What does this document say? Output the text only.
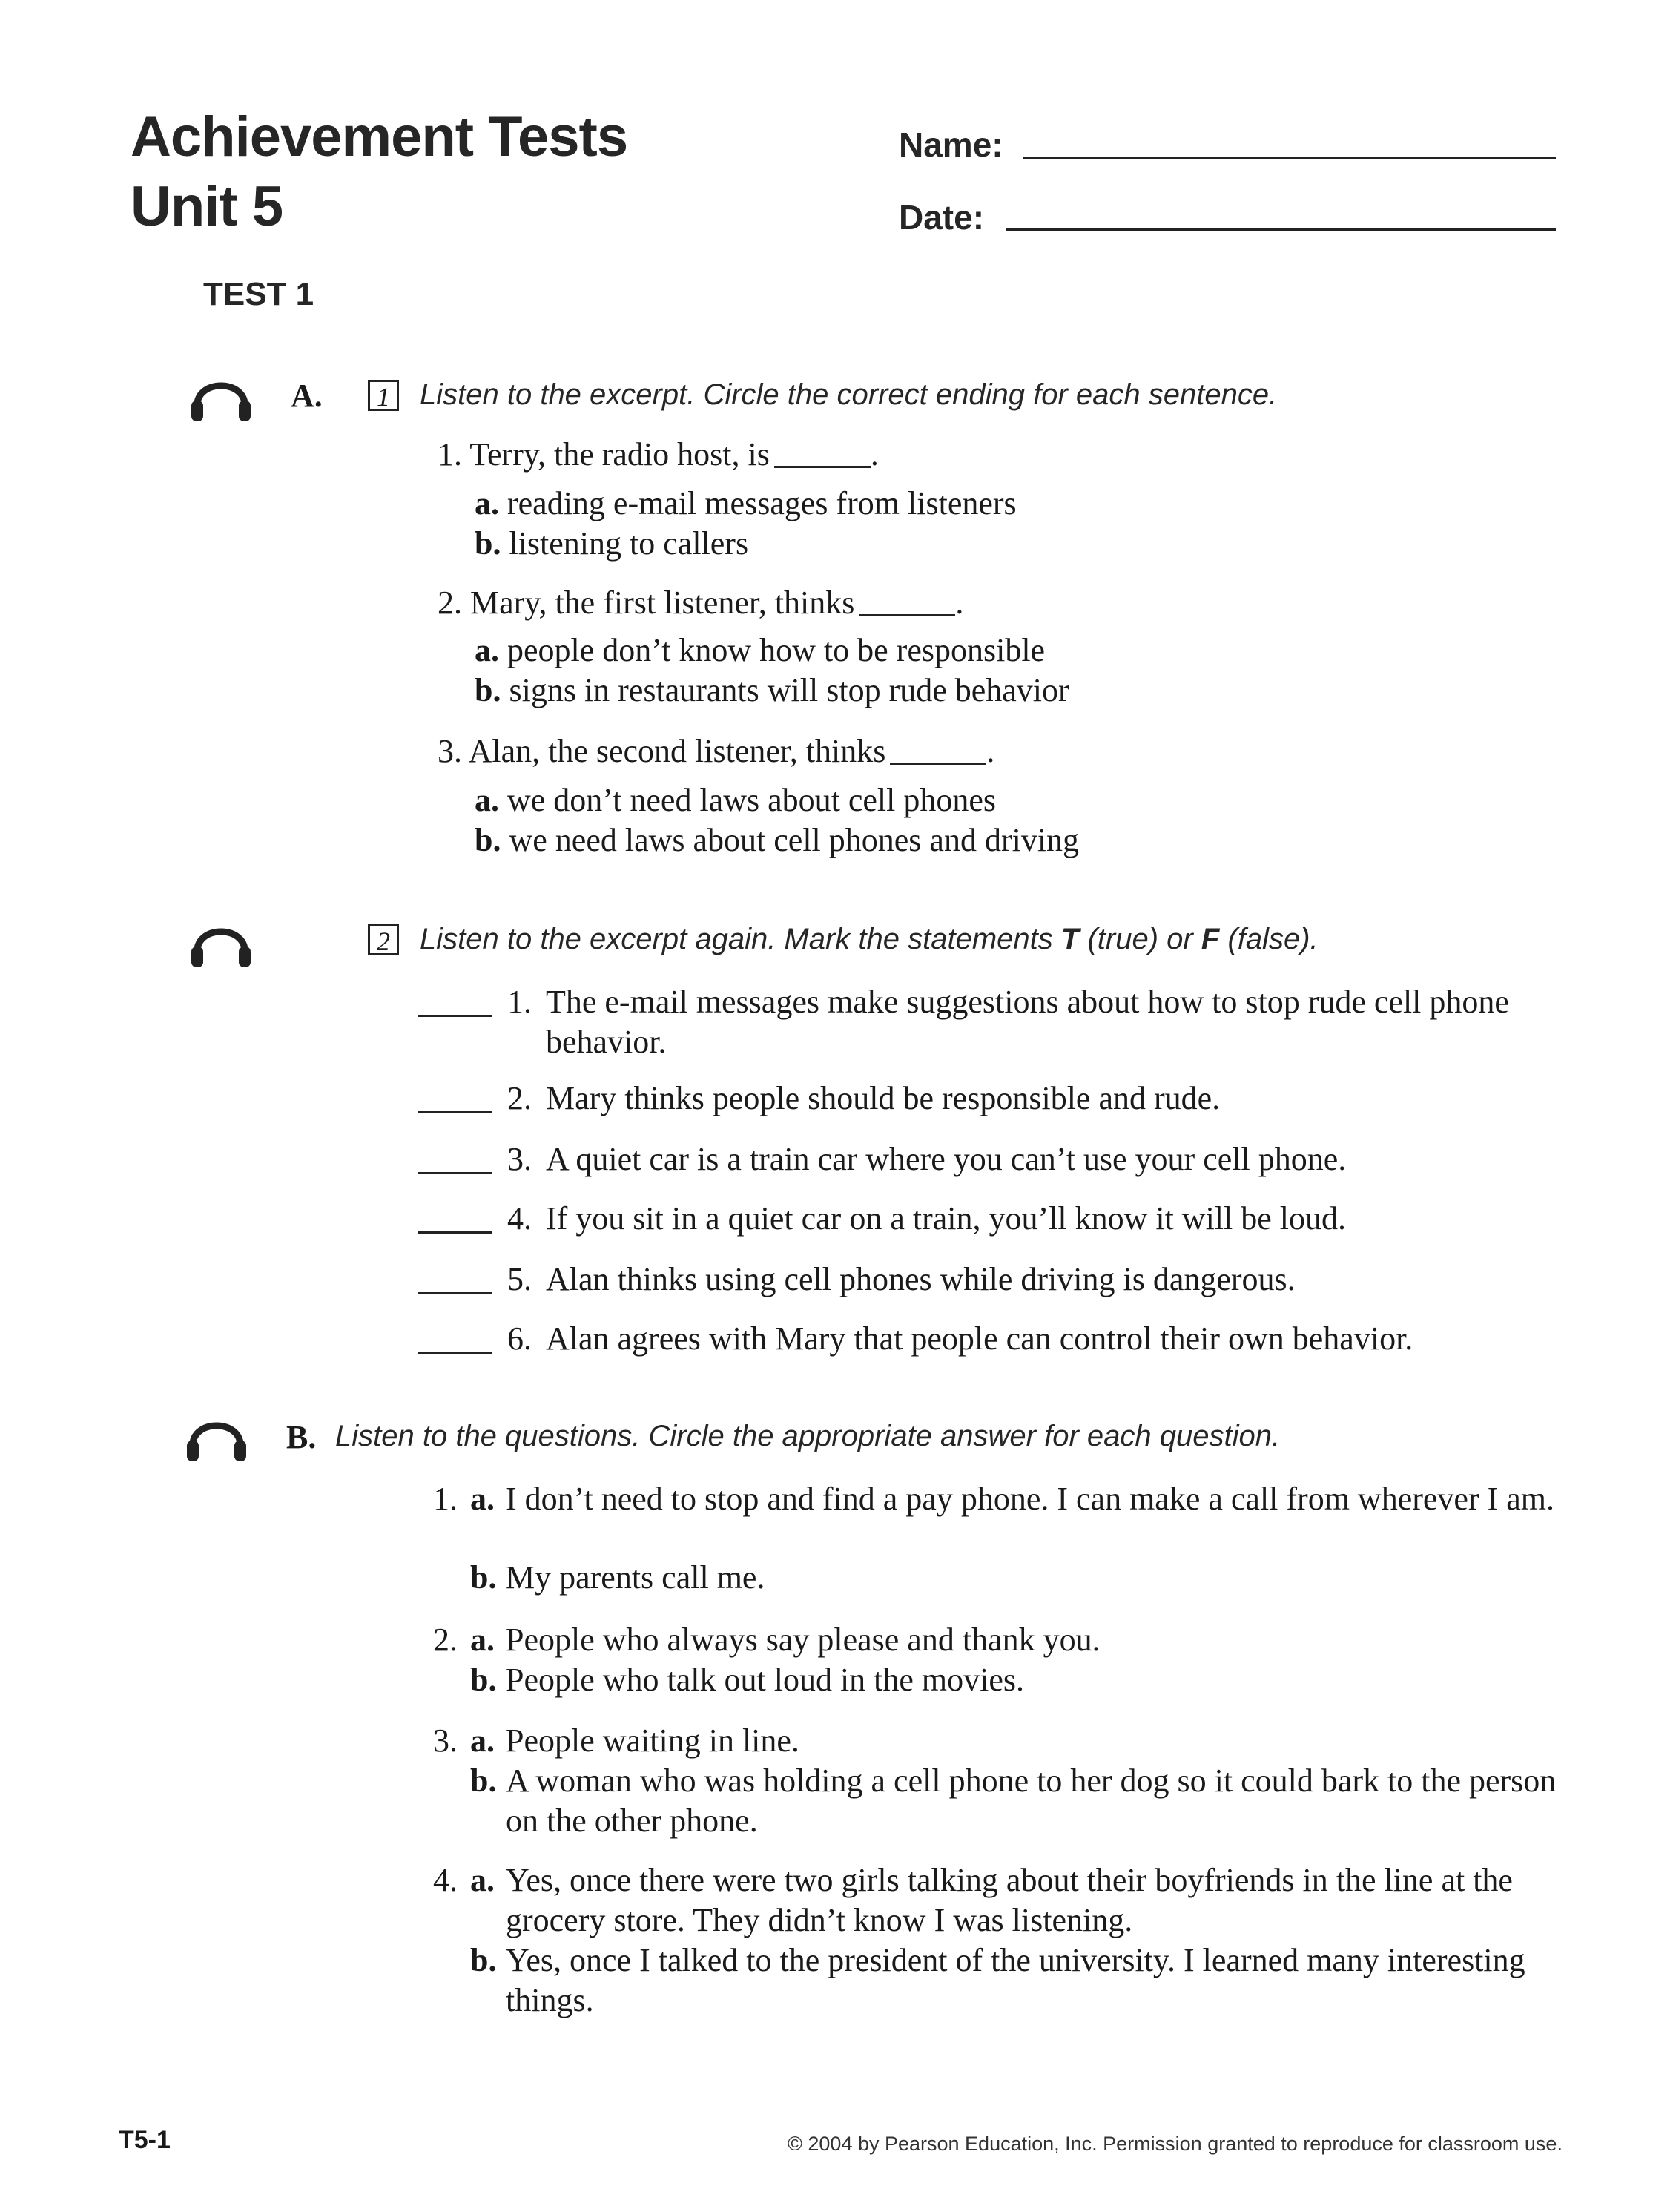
Achievement Tests
Unit 5
TEST 1
Name:
Date:
A.	1	Listen to the excerpt. Circle the correct ending for each sentence.
1. Terry, the radio host, is	.
a. reading e-mail messages from listeners
b. listening to callers
2. Mary, the first listener, thinks	.
a. people don’t know how to be responsible
b. signs in restaurants will stop rude behavior
3. Alan, the second listener, thinks	.
a. we don’t need laws about cell phones
b. we need laws about cell phones and driving
2	Listen to the excerpt again. Mark the statements T (true) or F (false).
1. The e-mail messages make suggestions about how to stop rude cell phone behavior.
2. Mary thinks people should be responsible and rude.
3. A quiet car is a train car where you can’t use your cell phone.
4. If you sit in a quiet car on a train, you’ll know it will be loud.
5. Alan thinks using cell phones while driving is dangerous.
6. Alan agrees with Mary that people can control their own behavior.
B. Listen to the questions. Circle the appropriate answer for each question.
1. a. I don’t need to stop and find a pay phone. I can make a call from wherever I am.
b. My parents call me.
2. a. People who always say please and thank you.
b. People who talk out loud in the movies.
3. a. People waiting in line.
b. A woman who was holding a cell phone to her dog so it could bark to the person on the other phone.
4. a. Yes, once there were two girls talking about their boyfriends in the line at the grocery store. They didn’t know I was listening.
b. Yes, once I talked to the president of the university. I learned many interesting things.
T5-1	© 2004 by Pearson Education, Inc. Permission granted to reproduce for classroom use.
